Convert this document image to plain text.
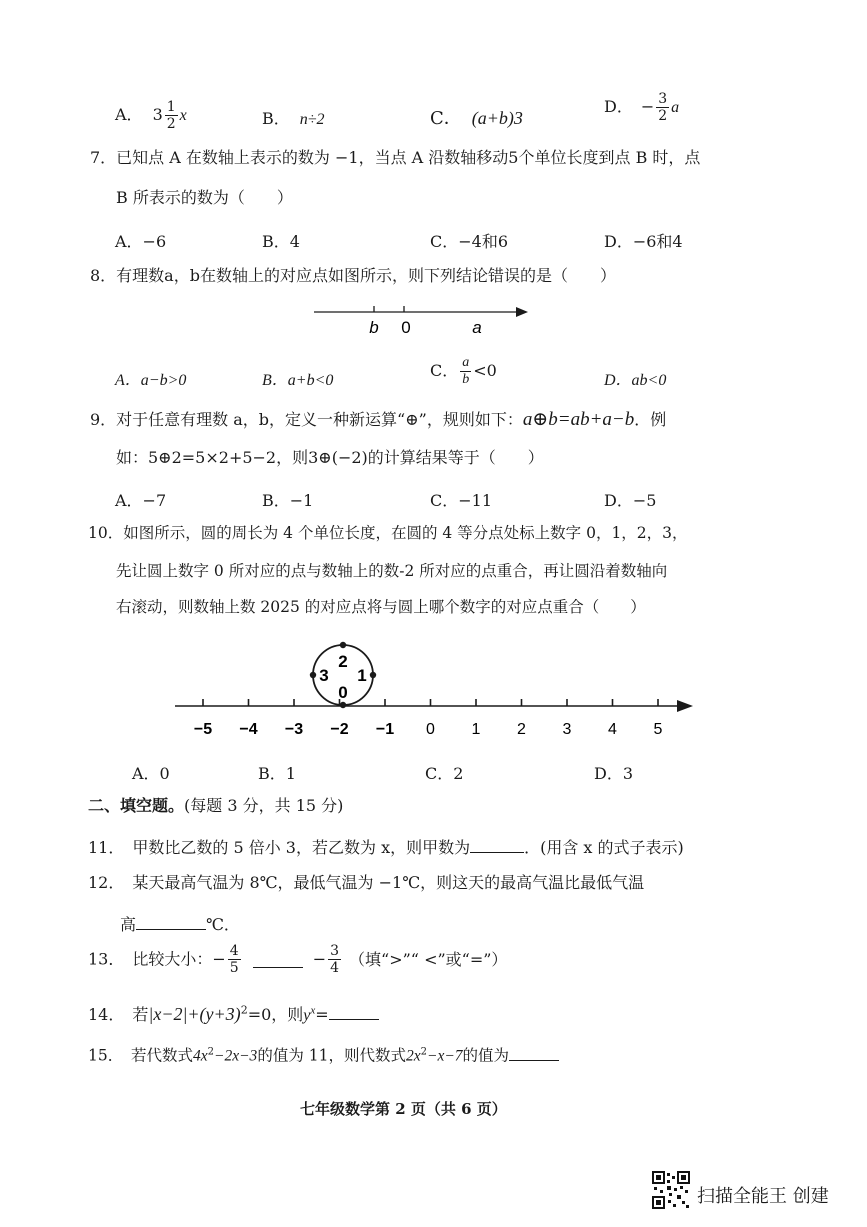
A． $3 \frac{1}{2}$ x	B． n÷2	C． (a+b)3
D． − $\frac{3}{2}$ a
7．已知点 A 在数轴上表示的数为 −1，当点 A 沿数轴移动5个单位长度到点 B 时，点
B 所表示的数为（　　）
A．−6	B．4	C．−4和6	D．−6和4
8．有理数a，b在数轴上的对应点如图所示，则下列结论错误的是（　　）
b 0	a
A．a−b>0	B．a+b<0
C． $\frac{a}{b} <0$
D．ab<0
9．对于任意有理数 a，b，定义一种新运算“⊕”，规则如下：a⊕b=ab+a−b．例
如：5⊕2=5×2+5−2，则3⊕(−2)的计算结果等于（　　）
A．−7	B．−1	C．−11	D．−5
10．如图所示，圆的周长为 4 个单位长度，在圆的 4 等分点处标上数字 0，1，2，3，
先让圆上数字 0 所对应的点与数轴上的数-2 所对应的点重合，再让圆沿着数轴向
右滚动，则数轴上数 2025 的对应点将与圆上哪个数字的对应点重合（　　）
2
3 1
0
−5 −4 −3 −2 −1 0 1 2 3 4 5
A．0	B．1	C．2	D．3
二、填空题。(每题 3 分，共 15 分)
11．　甲数比乙数的 5 倍小 3，若乙数为 x，则甲数为	．(用含 x 的式子表示)
12．　某天最高气温为 8℃，最低气温为 −1℃，则这天的最高气温比最低气温
高	℃．
13．　比较大小：− $\frac{4}{5}$	− $\frac{3}{4}$ （填“>”“ <”或“=”）
14．　若$|x-2|+(y+3)^2=0$，则$y^x=$
15．　若代数式$4x^2-2x-3$的值为 11，则代数式$2x^2-x-7$的值为
七年级数学第 2 页（共 6 页）
扫描全能王 创建
